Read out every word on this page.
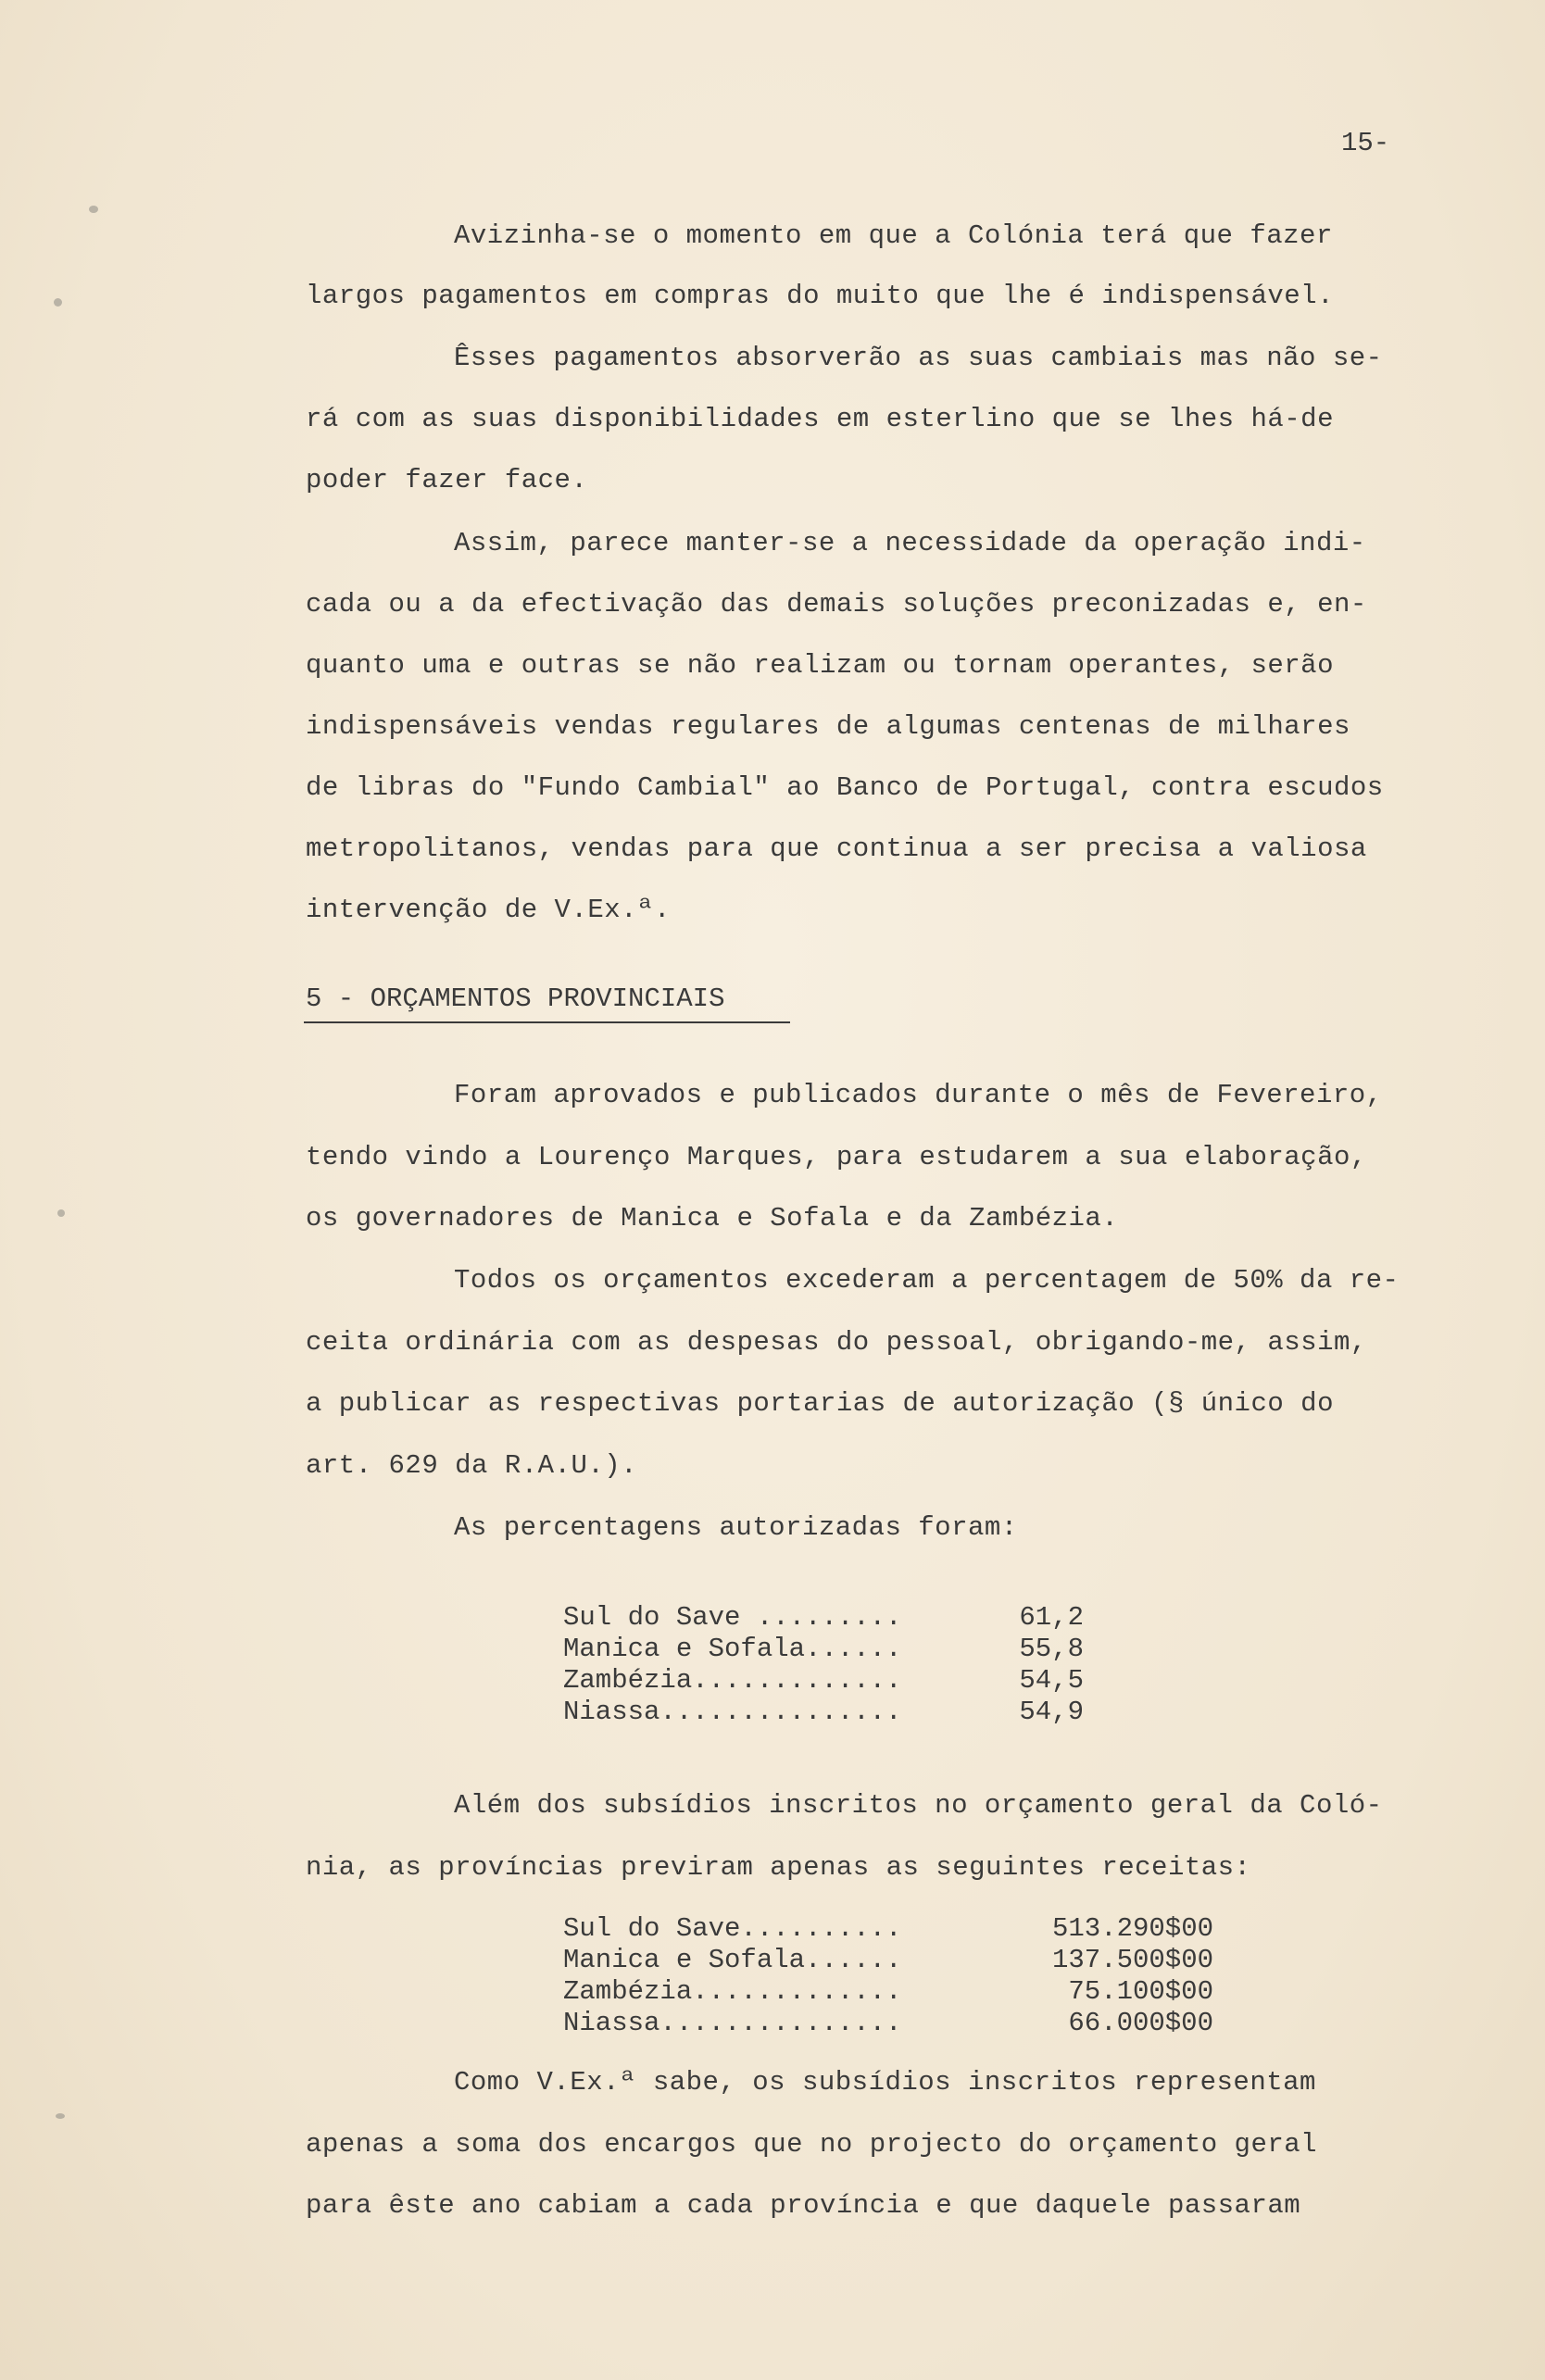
15-
Avizinha-se o momento em que a Colónia terá que fazer
largos pagamentos em compras do muito que lhe é indispensável.
Êsses pagamentos absorverão as suas cambiais mas não se-
rá com as suas disponibilidades em esterlino que se lhes há-de
poder fazer face.
Assim, parece manter-se a necessidade da operação indi-
cada ou a da efectivação das demais soluções preconizadas e, en-
quanto uma e outras se não realizam ou tornam operantes, serão
indispensáveis vendas regulares de algumas centenas de milhares
de libras do "Fundo Cambial" ao Banco de Portugal, contra escudos
metropolitanos, vendas para que continua a ser precisa a valiosa
intervenção de V.Ex.ª.
5 - ORÇAMENTOS PROVINCIAIS
Foram aprovados e publicados durante o mês de Fevereiro,
tendo vindo a Lourenço Marques, para estudarem a sua elaboração,
os governadores de Manica e Sofala e da Zambézia.
Todos os orçamentos excederam a percentagem de 50% da re-
ceita ordinária com as despesas do pessoal, obrigando-me, assim,
a publicar as respectivas portarias de autorização (§ único do
art. 629 da R.A.U.).
As percentagens autorizadas foram:
Sul do Save .........	61,2
Manica e Sofala......	55,8
Zambézia.............	54,5
Niassa...............	54,9
Além dos subsídios inscritos no orçamento geral da Coló-
nia, as províncias previram apenas as seguintes receitas:
Sul do Save..........	513.290$00
Manica e Sofala......	137.500$00
Zambézia.............	75.100$00
Niassa...............	66.000$00
Como V.Ex.ª sabe, os subsídios inscritos representam
apenas a soma dos encargos que no projecto do orçamento geral
para êste ano cabiam a cada província e que daquele passaram
